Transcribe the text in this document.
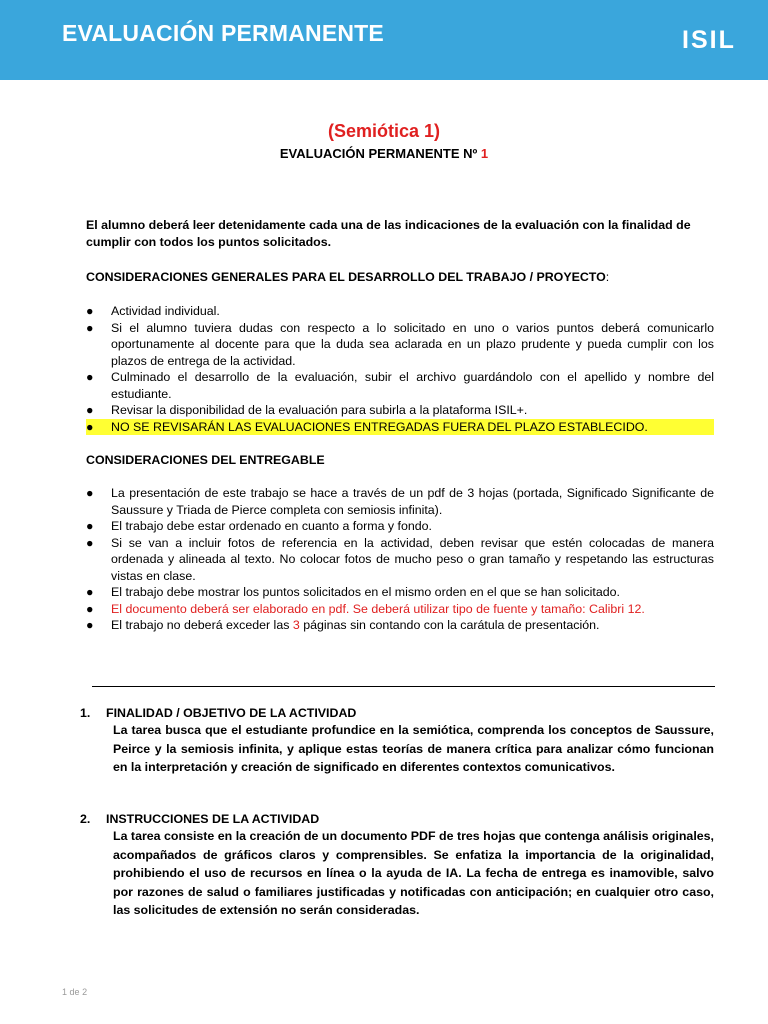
EVALUACIÓN PERMANENTE	ISIL
(Semiótica 1)
EVALUACIÓN PERMANENTE Nº 1
El alumno deberá leer detenidamente cada una de las indicaciones de la evaluación con la finalidad de cumplir con todos los puntos solicitados.
CONSIDERACIONES GENERALES PARA EL DESARROLLO DEL TRABAJO / PROYECTO:
● Actividad individual.
● Si el alumno tuviera dudas con respecto a lo solicitado en uno o varios puntos deberá comunicarlo oportunamente al docente para que la duda sea aclarada en un plazo prudente y pueda cumplir con los plazos de entrega de la actividad.
● Culminado el desarrollo de la evaluación, subir el archivo guardándolo con el apellido y nombre del estudiante.
● Revisar la disponibilidad de la evaluación para subirla a la plataforma ISIL+.
● NO SE REVISARÁN LAS EVALUACIONES ENTREGADAS FUERA DEL PLAZO ESTABLECIDO.
CONSIDERACIONES DEL ENTREGABLE
● La presentación de este trabajo se hace a través de un pdf de 3 hojas (portada, Significado Significante de Saussure y Triada de Pierce completa con semiosis infinita).
● El trabajo debe estar ordenado en cuanto a forma y fondo.
● Si se van a incluir fotos de referencia en la actividad, deben revisar que estén colocadas de manera ordenada y alineada al texto. No colocar fotos de mucho peso o gran tamaño y respetando las estructuras vistas en clase.
● El trabajo debe mostrar los puntos solicitados en el mismo orden en el que se han solicitado.
● El documento deberá ser elaborado en pdf. Se deberá utilizar tipo de fuente y tamaño: Calibri 12.
● El trabajo no deberá exceder las 3 páginas sin contando con la carátula de presentación.
1. FINALIDAD / OBJETIVO DE LA ACTIVIDAD
La tarea busca que el estudiante profundice en la semiótica, comprenda los conceptos de Saussure, Peirce y la semiosis infinita, y aplique estas teorías de manera crítica para analizar cómo funcionan en la interpretación y creación de significado en diferentes contextos comunicativos.
2. INSTRUCCIONES DE LA ACTIVIDAD
La tarea consiste en la creación de un documento PDF de tres hojas que contenga análisis originales, acompañados de gráficos claros y comprensibles. Se enfatiza la importancia de la originalidad, prohibiendo el uso de recursos en línea o la ayuda de IA. La fecha de entrega es inamovible, salvo por razones de salud o familiares justificadas y notificadas con anticipación; en cualquier otro caso, las solicitudes de extensión no serán consideradas.
1 de 2
